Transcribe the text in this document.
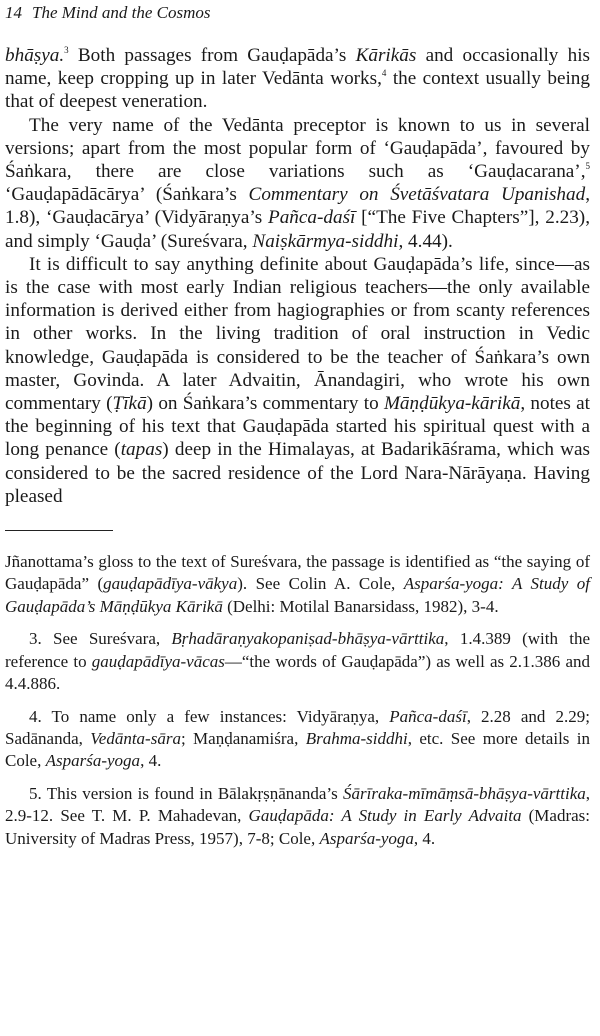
14 The Mind and the Cosmos

bhāṣya.$^3$ Both passages from Gauḍapāda’s Kārikās and occasionally his name, keep cropping up in later Vedānta works,$^4$ the context usually being that of deepest veneration.

The very name of the Vedānta preceptor is known to us in several versions; apart from the most popular form of ‘Gauḍapāda’, favoured by Śaṅkara, there are close variations such as ‘Gauḍacarana’,$^5$ ‘Gauḍapādācārya’ (Śaṅkara’s Commentary on Śvetāśvatara Upanishad, 1.8), ‘Gauḍacārya’ (Vidyāraṇya’s Pañca-daśī [“The Five Chapters”], 2.23), and simply ‘Gauḍa’ (Sureśvara, Naiṣkārmya-siddhi, 4.44).

It is difficult to say anything definite about Gauḍapāda’s life, since—as is the case with most early Indian religious teachers—the only available information is derived either from hagiographies or from scanty references in other works. In the living tradition of oral instruction in Vedic knowledge, Gauḍapāda is considered to be the teacher of Śaṅkara’s own master, Govinda. A later Advaitin, Ānandagiri, who wrote his own commentary (Ṭīkā) on Śaṅkara’s commentary to Māṇḍūkya-kārikā, notes at the beginning of his text that Gauḍapāda started his spiritual quest with a long penance (tapas) deep in the Himalayas, at Badarikāśrama, which was considered to be the sacred residence of the Lord Nara-Nārāyaṇa. Having pleased

Jñanottama’s gloss to the text of Sureśvara, the passage is identified as “the saying of Gauḍapāda” (gauḍapādīya-vākya). See Colin A. Cole, Asparśa-yoga: A Study of Gauḍapāda’s Māṇḍūkya Kārikā (Delhi: Motilal Banarsidass, 1982), 3-4.

3. See Sureśvara, Bṛhadāraṇyakopaniṣad-bhāṣya-vārttika, 1.4.389 (with the reference to gauḍapādīya-vācas—“the words of Gauḍapāda”) as well as 2.1.386 and 4.4.886.

4. To name only a few instances: Vidyāraṇya, Pañca-daśī, 2.28 and 2.29; Sadānanda, Vedānta-sāra; Maṇḍanamiśra, Brahma-siddhi, etc. See more details in Cole, Asparśa-yoga, 4.

5. This version is found in Bālakṛṣṇānanda’s Śārīraka-mīmāṃsā-bhāṣya-vārttika, 2.9-12. See T. M. P. Mahadevan, Gauḍapāda: A Study in Early Advaita (Madras: University of Madras Press, 1957), 7-8; Cole, Asparśa-yoga, 4.
